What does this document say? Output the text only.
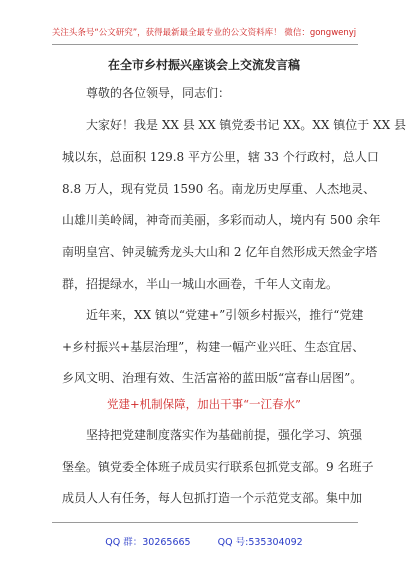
关注头条号“公文研究”，获得最新最全最专业的公文资料库！ 微信：gongwenyj
在全市乡村振兴座谈会上交流发言稿
尊敬的各位领导，同志们：
大家好！我是 XX 县 XX 镇党委书记 XX。XX 镇位于 XX 县
城以东，总面积 129.8 平方公里，辖 33 个行政村，总人口
8.8 万人，现有党员 1590 名。南龙历史厚重、人杰地灵、
山雄川美岭阔，神奇而美丽，多彩而动人，境内有 500 余年
南明皇宫、钟灵毓秀龙头大山和 2 亿年自然形成天然金字塔
群，招提绿水，半山一城山水画卷，千年人文南龙。
近年来，XX 镇以“党建+”引领乡村振兴，推行“党建
+乡村振兴+基层治理”，构建一幅产业兴旺、生态宜居、
乡风文明、治理有效、生活富裕的蓝田版“富春山居图”。
党建+机制保障，加出干事“一江春水”
坚持把党建制度落实作为基础前提，强化学习、筑强
堡垒。镇党委全体班子成员实行联系包抓党支部。9 名班子
成员人人有任务，每人包抓打造一个示范党支部。集中加
QQ 群：30265665	QQ 号:535304092
